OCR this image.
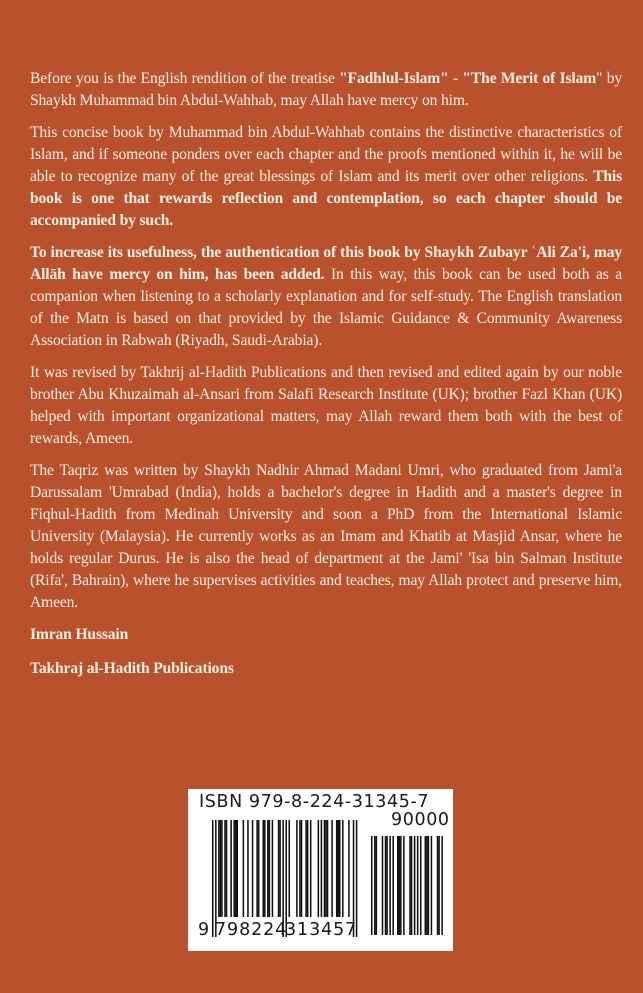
Before you is the English rendition of the treatise "Fadhlul-Islam" - "The Merit of Islam" by Shaykh Muhammad bin Abdul-Wahhab, may Allah have mercy on him.

This concise book by Muhammad bin Abdul-Wahhab contains the distinctive characteristics of Islam, and if someone ponders over each chapter and the proofs mentioned within it, he will be able to recognize many of the great blessings of Islam and its merit over other religions. This book is one that rewards reflection and contemplation, so each chapter should be accompanied by such.

To increase its usefulness, the authentication of this book by Shaykh Zubayr ʿAli Za'i, may Allāh have mercy on him, has been added. In this way, this book can be used both as a companion when listening to a scholarly explanation and for self-study. The English translation of the Matn is based on that provided by the Islamic Guidance & Community Awareness Association in Rabwah (Riyadh, Saudi-Arabia).

It was revised by Takhrij al-Hadith Publications and then revised and edited again by our noble brother Abu Khuzaimah al-Ansari from Salafi Research Institute (UK); brother Fazl Khan (UK) helped with important organizational matters, may Allah reward them both with the best of rewards, Ameen.

The Taqriz was written by Shaykh Nadhir Ahmad Madani Umri, who graduated from Jami'a Darussalam 'Umrabad (India), holds a bachelor's degree in Hadith and a master's degree in Fiqhul-Hadith from Medinah University and soon a PhD from the International Islamic University (Malaysia). He currently works as an Imam and Khatib at Masjid Ansar, where he holds regular Durus. He is also the head of department at the Jami' 'Isa bin Salman Institute (Rifa', Bahrain), where he supervises activities and teaches, may Allah protect and preserve him, Ameen.

Imran Hussain

Takhraj al-Hadith Publications

ISBN 979-8-224-31345-7
90000
9 798224
313457
